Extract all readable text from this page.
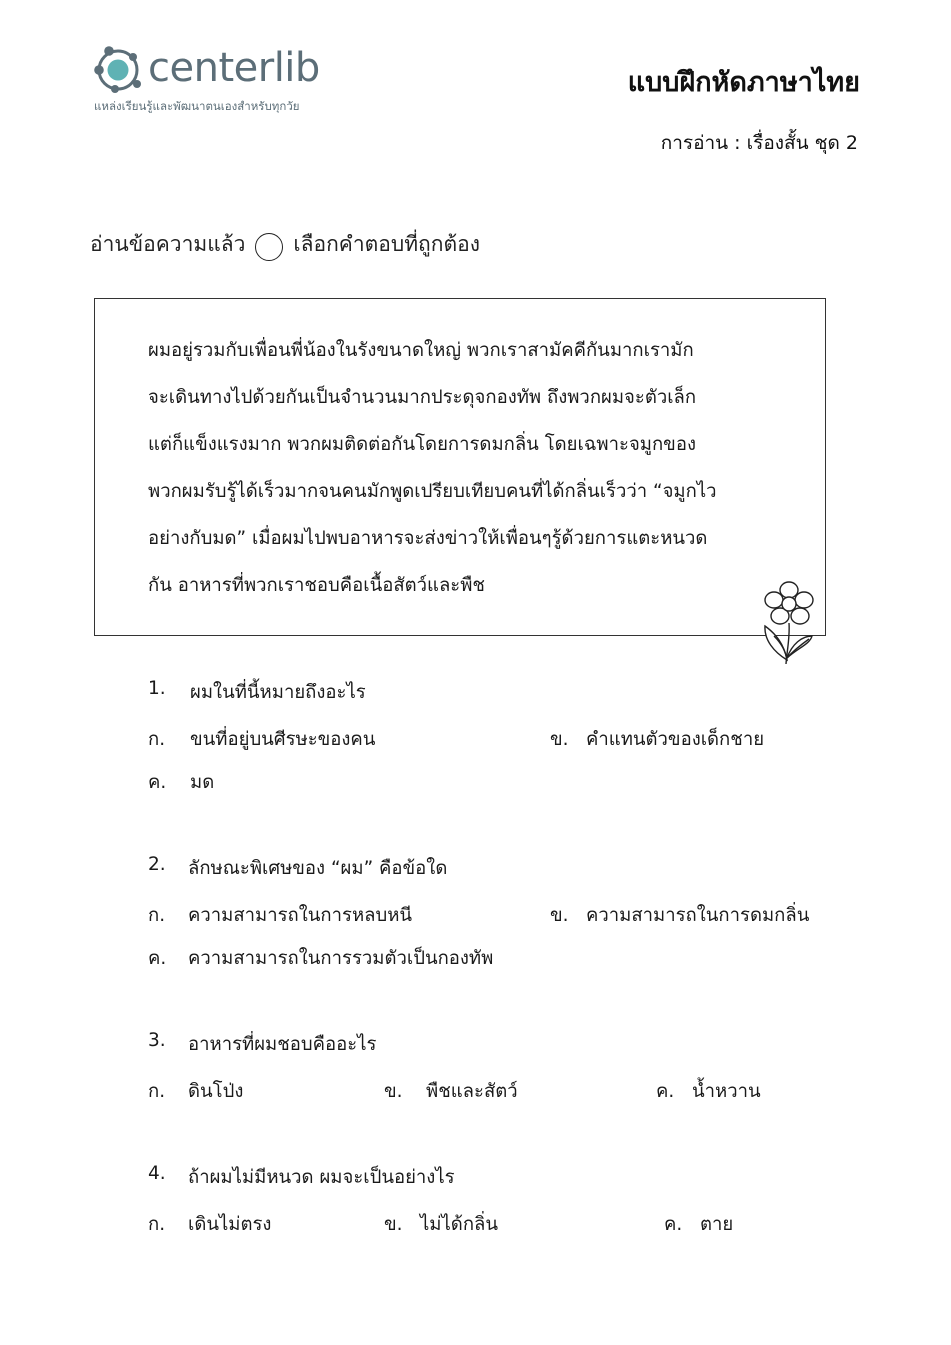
centerlib
แหล่งเรียนรู้และพัฒนาตนเองสำหรับทุกวัย
แบบฝึกหัดภาษาไทย
การอ่าน : เรื่องสั้น ชุด 2
อ่านข้อความแล้ว เลือกคำตอบที่ถูกต้อง
ผมอยู่รวมกับเพื่อนพี่น้องในรังขนาดใหญ่ พวกเราสามัคคีกันมากเรามัก
จะเดินทางไปด้วยกันเป็นจำนวนมากประดุจกองทัพ ถึงพวกผมจะตัวเล็ก
แต่ก็แข็งแรงมาก พวกผมติดต่อกันโดยการดมกลิ่น โดยเฉพาะจมูกของ
พวกผมรับรู้ได้เร็วมากจนคนมักพูดเปรียบเทียบคนที่ได้กลิ่นเร็วว่า “จมูกไว
อย่างกับมด” เมื่อผมไปพบอาหารจะส่งข่าวให้เพื่อนๆรู้ด้วยการแตะหนวด
กัน อาหารที่พวกเราชอบคือเนื้อสัตว์และพืช
1. ผมในที่นี้หมายถึงอะไร
ก. ขนที่อยู่บนศีรษะของคน	ข. คำแทนตัวของเด็กชาย
ค. มด
2. ลักษณะพิเศษของ “ผม” คือข้อใด
ก. ความสามารถในการหลบหนี	ข. ความสามารถในการดมกลิ่น
ค. ความสามารถในการรวมตัวเป็นกองทัพ
3. อาหารที่ผมชอบคืออะไร
ก. ดินโป่ง	ข. พืชและสัตว์	ค. น้ำหวาน
4. ถ้าผมไม่มีหนวด ผมจะเป็นอย่างไร
ก. เดินไม่ตรง	ข. ไม่ได้กลิ่น	ค. ตาย
